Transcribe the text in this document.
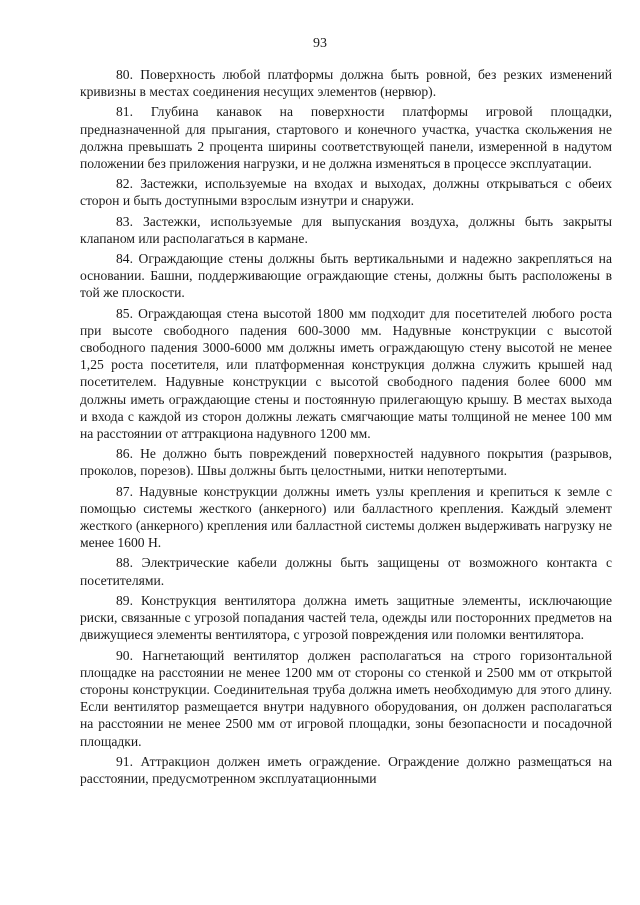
93

80. Поверхность любой платформы должна быть ровной, без резких изменений кривизны в местах соединения несущих элементов (нервюр).

81. Глубина канавок на поверхности платформы игровой площадки, предназначенной для прыгания, стартового и конечного участка, участка скольжения не должна превышать 2 процента ширины соответствующей панели, измеренной в надутом положении без приложения нагрузки, и не должна изменяться в процессе эксплуатации.

82. Застежки, используемые на входах и выходах, должны открываться с обеих сторон и быть доступными взрослым изнутри и снаружи.

83. Застежки, используемые для выпускания воздуха, должны быть закрыты клапаном или располагаться в кармане.

84. Ограждающие стены должны быть вертикальными и надежно закрепляться на основании. Башни, поддерживающие ограждающие стены, должны быть расположены в той же плоскости.

85. Ограждающая стена высотой 1800 мм подходит для посетителей любого роста при высоте свободного падения 600-3000 мм. Надувные конструкции с высотой свободного падения 3000-6000 мм должны иметь ограждающую стену высотой не менее 1,25 роста посетителя, или платформенная конструкция должна служить крышей над посетителем. Надувные конструкции с высотой свободного падения более 6000 мм должны иметь ограждающие стены и постоянную прилегающую крышу. В местах выхода и входа с каждой из сторон должны лежать смягчающие маты толщиной не менее 100 мм на расстоянии от аттракциона надувного 1200 мм.

86. Не должно быть повреждений поверхностей надувного покрытия (разрывов, проколов, порезов). Швы должны быть целостными, нитки непотертыми.

87. Надувные конструкции должны иметь узлы крепления и крепиться к земле с помощью системы жесткого (анкерного) или балластного крепления. Каждый элемент жесткого (анкерного) крепления или балластной системы должен выдерживать нагрузку не менее 1600 Н.

88. Электрические кабели должны быть защищены от возможного контакта с посетителями.

89. Конструкция вентилятора должна иметь защитные элементы, исключающие риски, связанные с угрозой попадания частей тела, одежды или посторонних предметов на движущиеся элементы вентилятора, с угрозой повреждения или поломки вентилятора.

90. Нагнетающий вентилятор должен располагаться на строго горизонтальной площадке на расстоянии не менее 1200 мм от стороны со стенкой и 2500 мм от открытой стороны конструкции. Соединительная труба должна иметь необходимую для этого длину. Если вентилятор размещается внутри надувного оборудования, он должен располагаться на расстоянии не менее 2500 мм от игровой площадки, зоны безопасности и посадочной площадки.

91. Аттракцион должен иметь ограждение. Ограждение должно размещаться на расстоянии, предусмотренном эксплуатационными
